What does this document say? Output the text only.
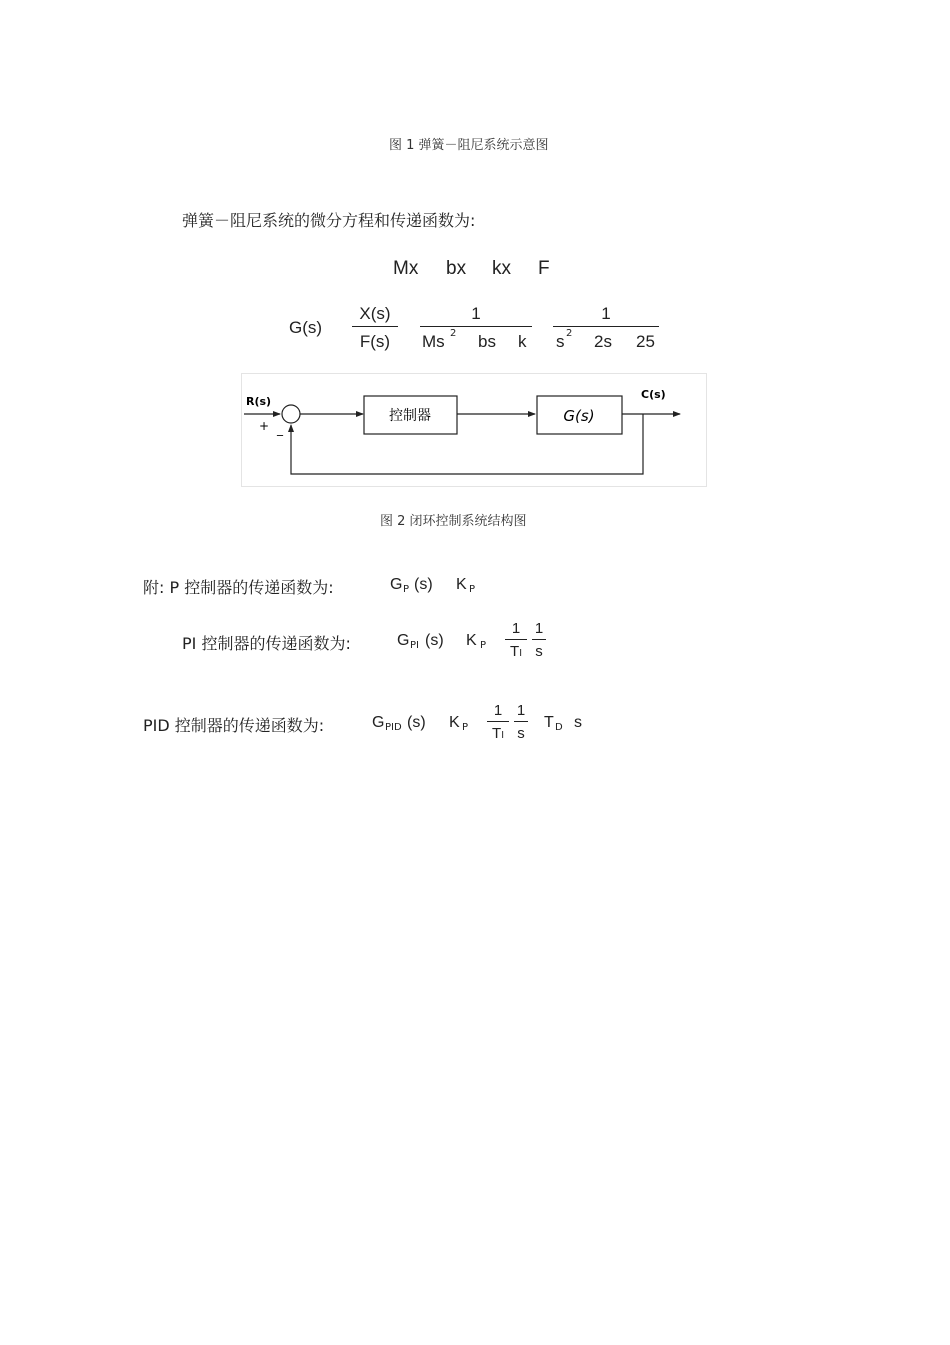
图 1 弹簧－阻尼系统示意图
弹簧－阻尼系统的微分方程和传递函数为:
Mx bx kx F
G(s)
X(s)
F(s)
1
Ms 2 bs k
1
s 2 2s 25
R(s)
C(s)
+ _
控制器	G(s)
图 2 闭环控制系统结构图
附: P 控制器的传递函数为:	G P (s) K P
PI 控制器的传递函数为:	G PI (s) K P
1
TI
1
s
PID 控制器的传递函数为:	G PID (s) K P
1
TI
1
s
T D s
